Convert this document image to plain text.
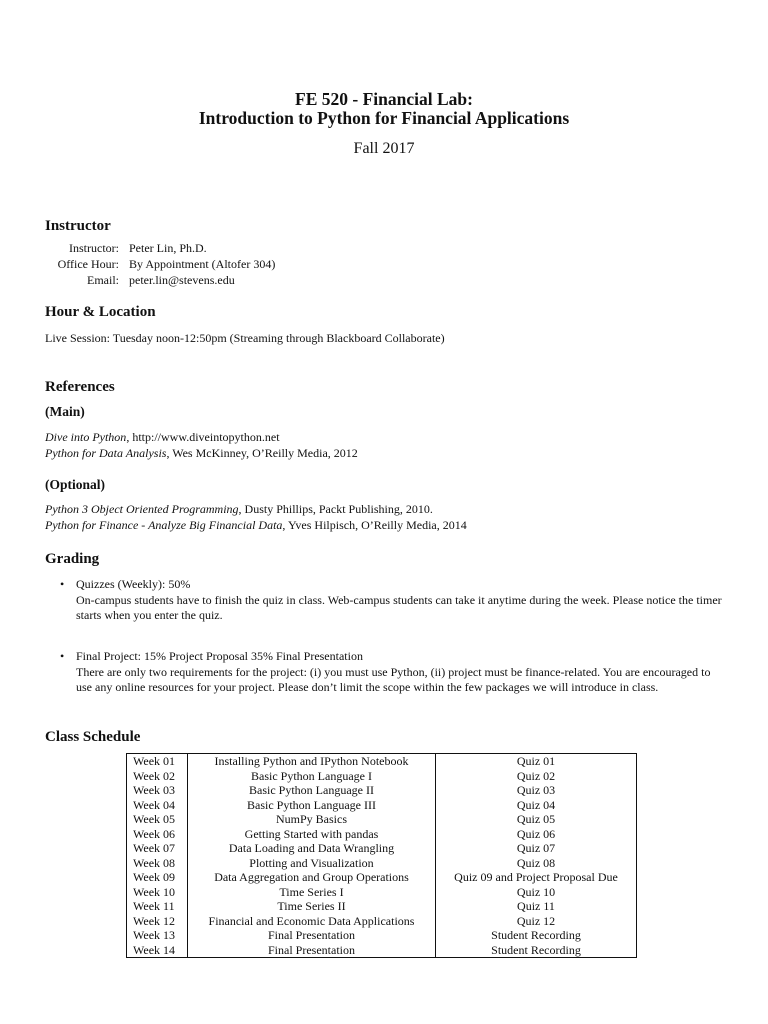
FE 520 - Financial Lab:
Introduction to Python for Financial Applications
Fall 2017
Instructor
Instructor: Peter Lin, Ph.D.
Office Hour: By Appointment (Altofer 304)
Email: peter.lin@stevens.edu
Hour & Location
Live Session: Tuesday noon-12:50pm (Streaming through Blackboard Collaborate)
References
(Main)
Dive into Python, http://www.diveintopython.net
Python for Data Analysis, Wes McKinney, O’Reilly Media, 2012
(Optional)
Python 3 Object Oriented Programming, Dusty Phillips, Packt Publishing, 2010.
Python for Finance - Analyze Big Financial Data, Yves Hilpisch, O’Reilly Media, 2014
Grading
• Quizzes (Weekly): 50%
On-campus students have to finish the quiz in class. Web-campus students can take it anytime during the week. Please notice the timer starts when you enter the quiz.
• Final Project: 15% Project Proposal 35% Final Presentation
There are only two requirements for the project: (i) you must use Python, (ii) project must be finance-related. You are encouraged to use any online resources for your project. Please don’t limit the scope within the few packages we will introduce in class.
Class Schedule
Week 01	Installing Python and IPython Notebook	Quiz 01
Week 02	Basic Python Language I	Quiz 02
Week 03	Basic Python Language II	Quiz 03
Week 04	Basic Python Language III	Quiz 04
Week 05	NumPy Basics	Quiz 05
Week 06	Getting Started with pandas	Quiz 06
Week 07	Data Loading and Data Wrangling	Quiz 07
Week 08	Plotting and Visualization	Quiz 08
Week 09	Data Aggregation and Group Operations	Quiz 09 and Project Proposal Due
Week 10	Time Series I	Quiz 10
Week 11	Time Series II	Quiz 11
Week 12	Financial and Economic Data Applications	Quiz 12
Week 13	Final Presentation	Student Recording
Week 14	Final Presentation	Student Recording
